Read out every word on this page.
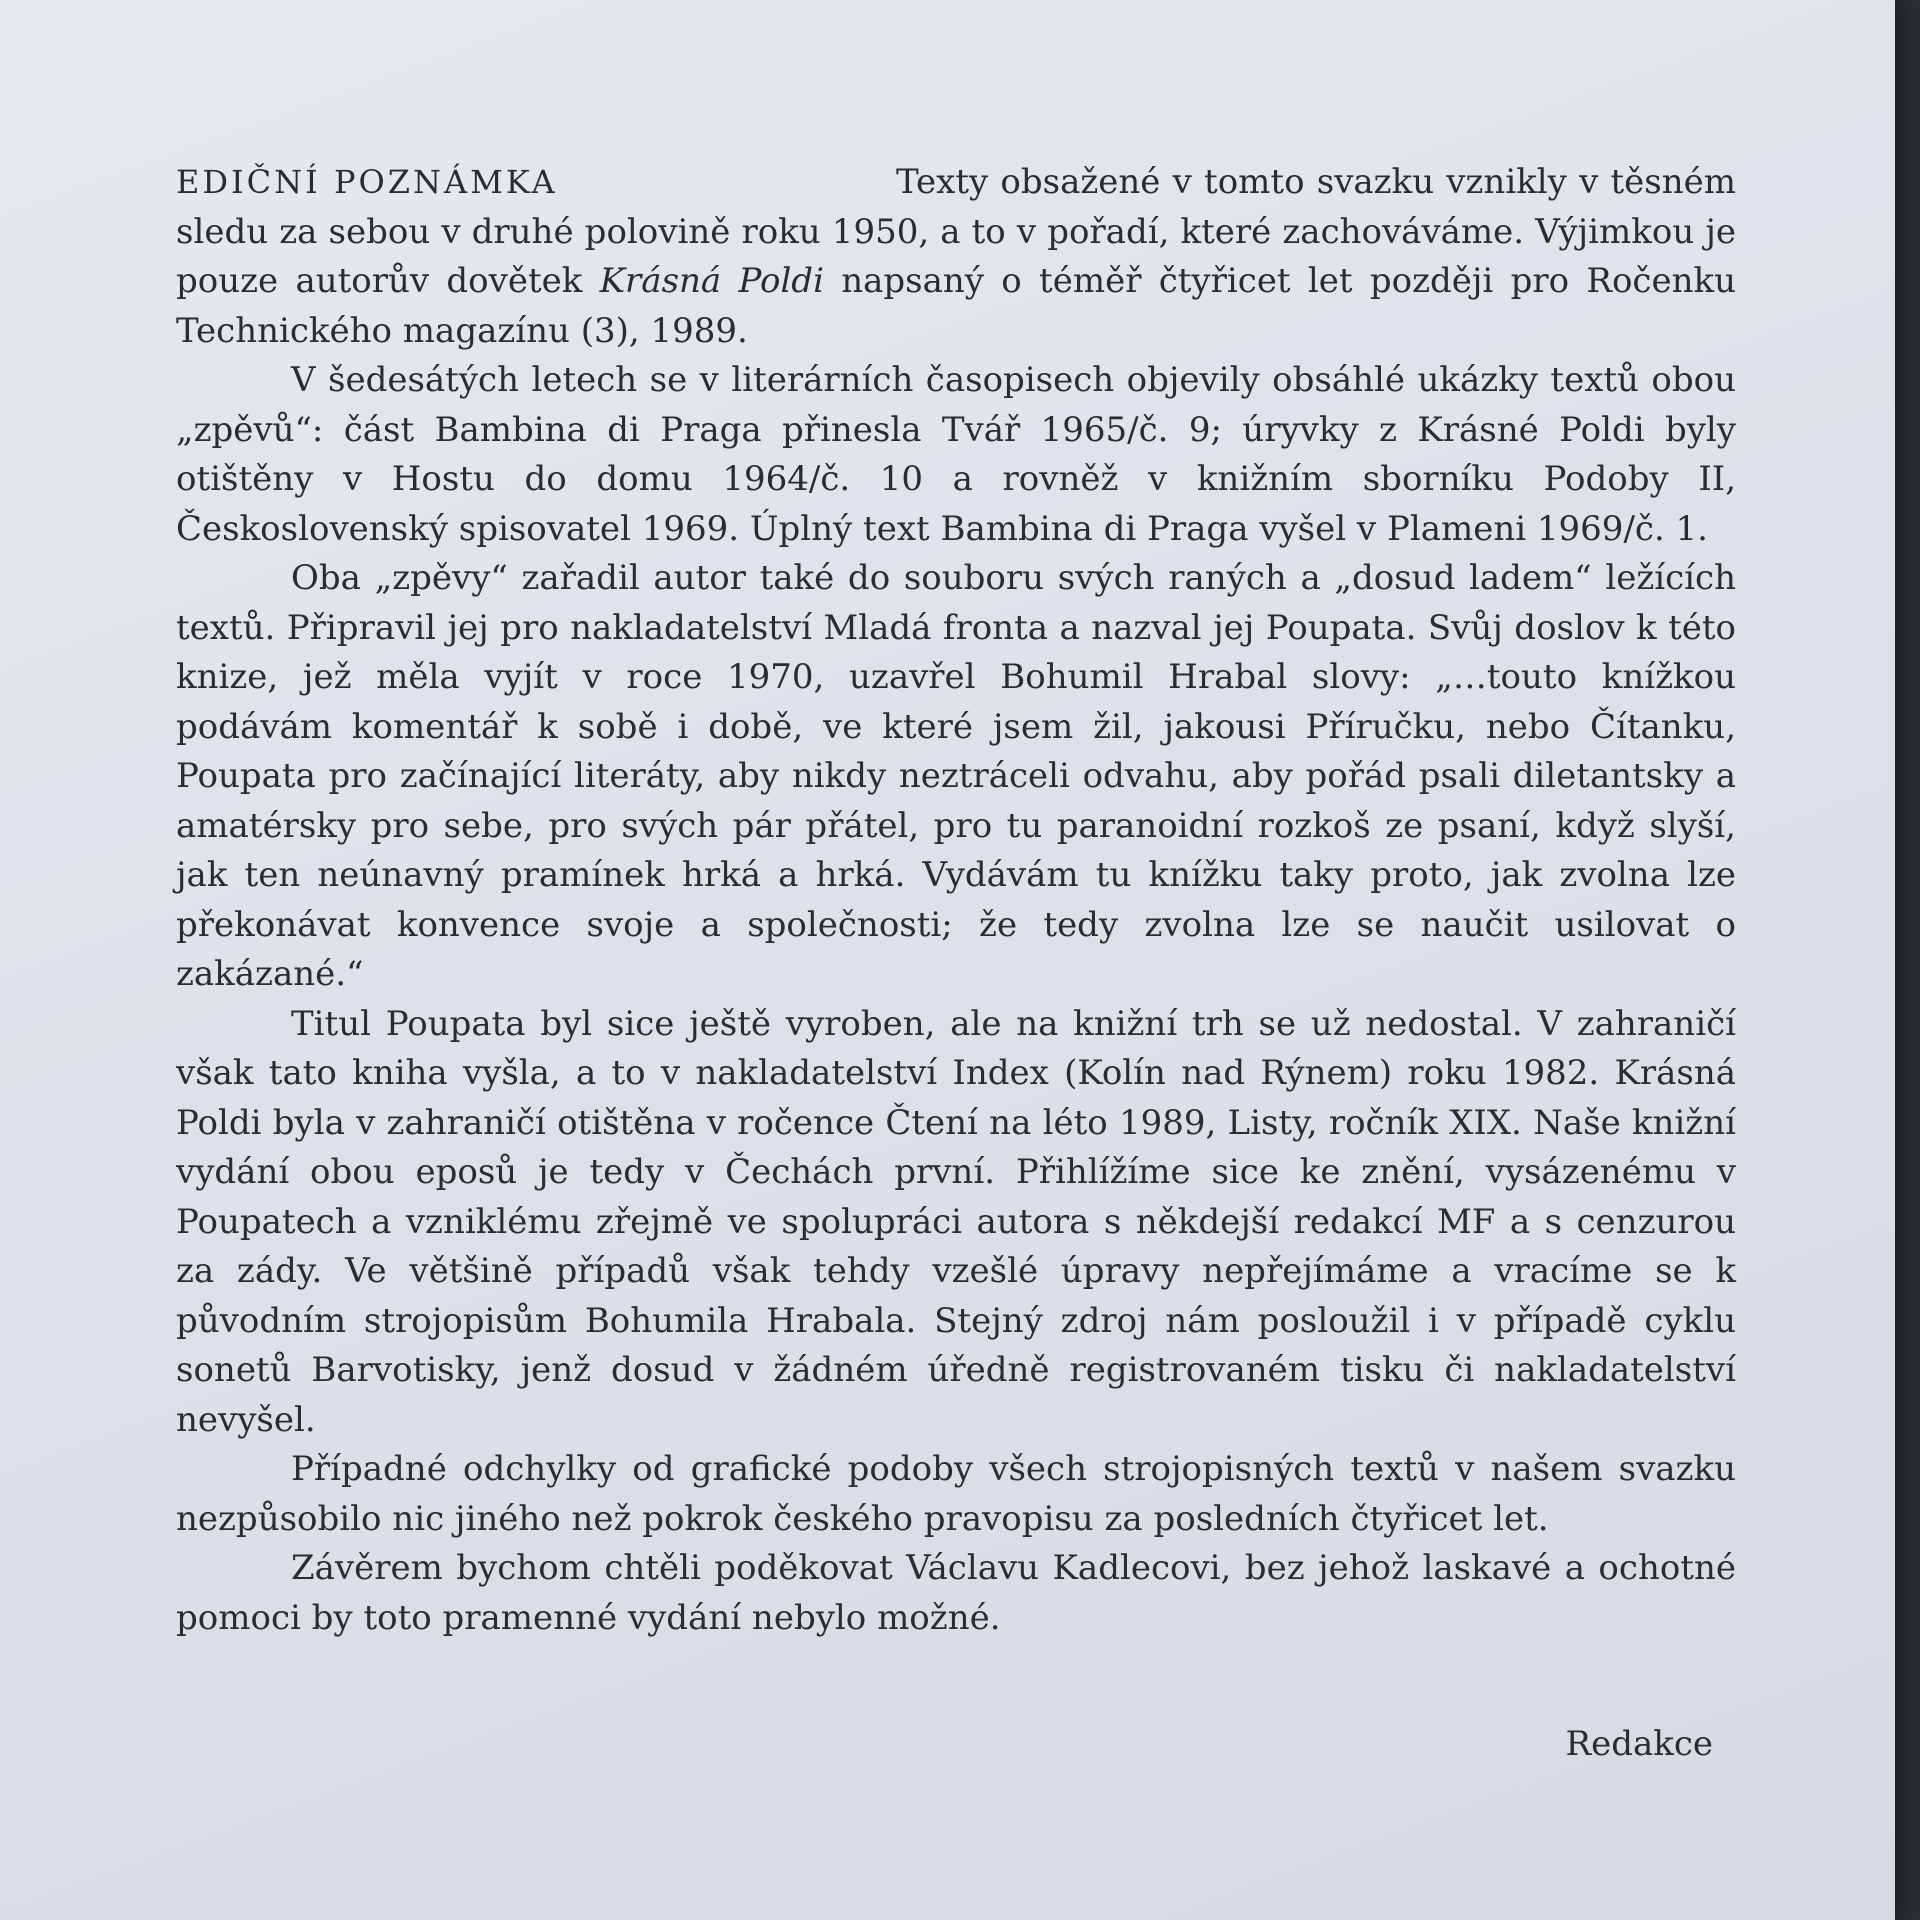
EDIČNÍ POZNÁMKA	Texty obsažené v tomto svazku vznikly v těsném sledu za sebou v druhé polovině roku 1950, a to v pořadí, které zachováváme. Výjimkou je pouze autorův dovětek Krásná Poldi napsaný o téměř čtyřicet let později pro Ročenku Technického magazínu (3), 1989.

V šedesátých letech se v literárních časopisech objevily obsáhlé ukázky textů obou „zpěvů“: část Bambina di Praga přinesla Tvář 1965/č. 9; úryvky z Krásné Poldi byly otištěny v Hostu do domu 1964/č. 10 a rovněž v knižním sborníku Podoby II, Československý spisovatel 1969. Úplný text Bambina di Praga vyšel v Plameni 1969/č. 1.

Oba „zpěvy“ zařadil autor také do souboru svých raných a „dosud ladem“ ležících textů. Připravil jej pro nakladatelství Mladá fronta a nazval jej Poupata. Svůj doslov k této knize, jež měla vyjít v roce 1970, uzavřel Bohumil Hrabal slovy: „…touto knížkou podávám komentář k sobě i době, ve které jsem žil, jakousi Příručku, nebo Čítanku, Poupata pro začínající literáty, aby nikdy neztráceli odvahu, aby pořád psali diletantsky a amatérsky pro sebe, pro svých pár přátel, pro tu paranoidní rozkoš ze psaní, když slyší, jak ten neúnavný pramínek hrká a hrká. Vydávám tu knížku taky proto, jak zvolna lze překonávat konvence svoje a společnosti; že tedy zvolna lze se naučit usilovat o zakázané.“

Titul Poupata byl sice ještě vyroben, ale na knižní trh se už nedostal. V zahraničí však tato kniha vyšla, a to v nakladatelství Index (Kolín nad Rýnem) roku 1982. Krásná Poldi byla v zahraničí otištěna v ročence Čtení na léto 1989, Listy, ročník XIX. Naše knižní vydání obou eposů je tedy v Čechách první. Přihlížíme sice ke znění, vysázenému v Poupatech a vzniklému zřejmě ve spolupráci autora s někdejší redakcí MF a s cenzurou za zády. Ve většině případů však tehdy vzešlé úpravy nepřejímáme a vracíme se k původním strojopisům Bohumila Hrabala. Stejný zdroj nám posloužil i v případě cyklu sonetů Barvotisky, jenž dosud v žádném úředně registrovaném tisku či nakladatelství nevyšel.

Případné odchylky od grafické podoby všech strojopisných textů v našem svazku nezpůsobilo nic jiného než pokrok českého pravopisu za posledních čtyřicet let.

Závěrem bychom chtěli poděkovat Václavu Kadlecovi, bez jehož laskavé a ochotné pomoci by toto pramenné vydání nebylo možné.

Redakce
